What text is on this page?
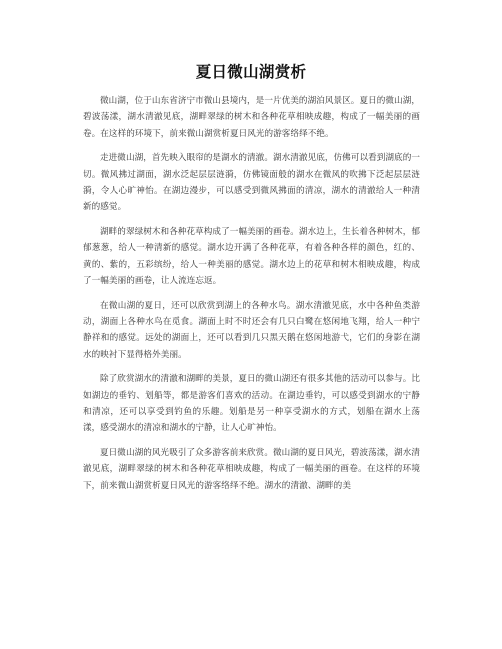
夏日微山湖赏析

微山湖，位于山东省济宁市微山县境内，是一片优美的湖泊风景区。夏日的微山湖，碧波荡漾，湖水清澈见底，湖畔翠绿的树木和各种花草相映成趣，构成了一幅美丽的画卷。在这样的环境下，前来微山湖赏析夏日风光的游客络绎不绝。

走进微山湖，首先映入眼帘的是湖水的清澈。湖水清澈见底，仿佛可以看到湖底的一切。微风拂过湖面，湖水泛起层层涟漪，仿佛镜面般的湖水在微风的吹拂下泛起层层涟漪，令人心旷神怡。在湖边漫步，可以感受到微风拂面的清凉，湖水的清澈给人一种清新的感觉。

湖畔的翠绿树木和各种花草构成了一幅美丽的画卷。湖水边上，生长着各种树木，郁郁葱葱，给人一种清新的感觉。湖水边开满了各种花草，有着各种各样的颜色，红的、黄的、紫的，五彩缤纷，给人一种美丽的感觉。湖水边上的花草和树木相映成趣，构成了一幅美丽的画卷，让人流连忘返。

在微山湖的夏日，还可以欣赏到湖上的各种水鸟。湖水清澈见底，水中各种鱼类游动，湖面上各种水鸟在觅食。湖面上时不时还会有几只白鹭在悠闲地飞翔，给人一种宁静祥和的感觉。远处的湖面上，还可以看到几只黑天鹅在悠闲地游弋，它们的身影在湖水的映衬下显得格外美丽。

除了欣赏湖水的清澈和湖畔的美景，夏日的微山湖还有很多其他的活动可以参与。比如湖边的垂钓、划船等，都是游客们喜欢的活动。在湖边垂钓，可以感受到湖水的宁静和清凉，还可以享受到钓鱼的乐趣。划船是另一种享受湖水的方式，划船在湖水上荡漾，感受湖水的清凉和湖水的宁静，让人心旷神怡。

夏日微山湖的风光吸引了众多游客前来欣赏。微山湖的夏日风光，碧波荡漾，湖水清澈见底，湖畔翠绿的树木和各种花草相映成趣，构成了一幅美丽的画卷。在这样的环境下，前来微山湖赏析夏日风光的游客络绎不绝。湖水的清澈、湖畔的美
